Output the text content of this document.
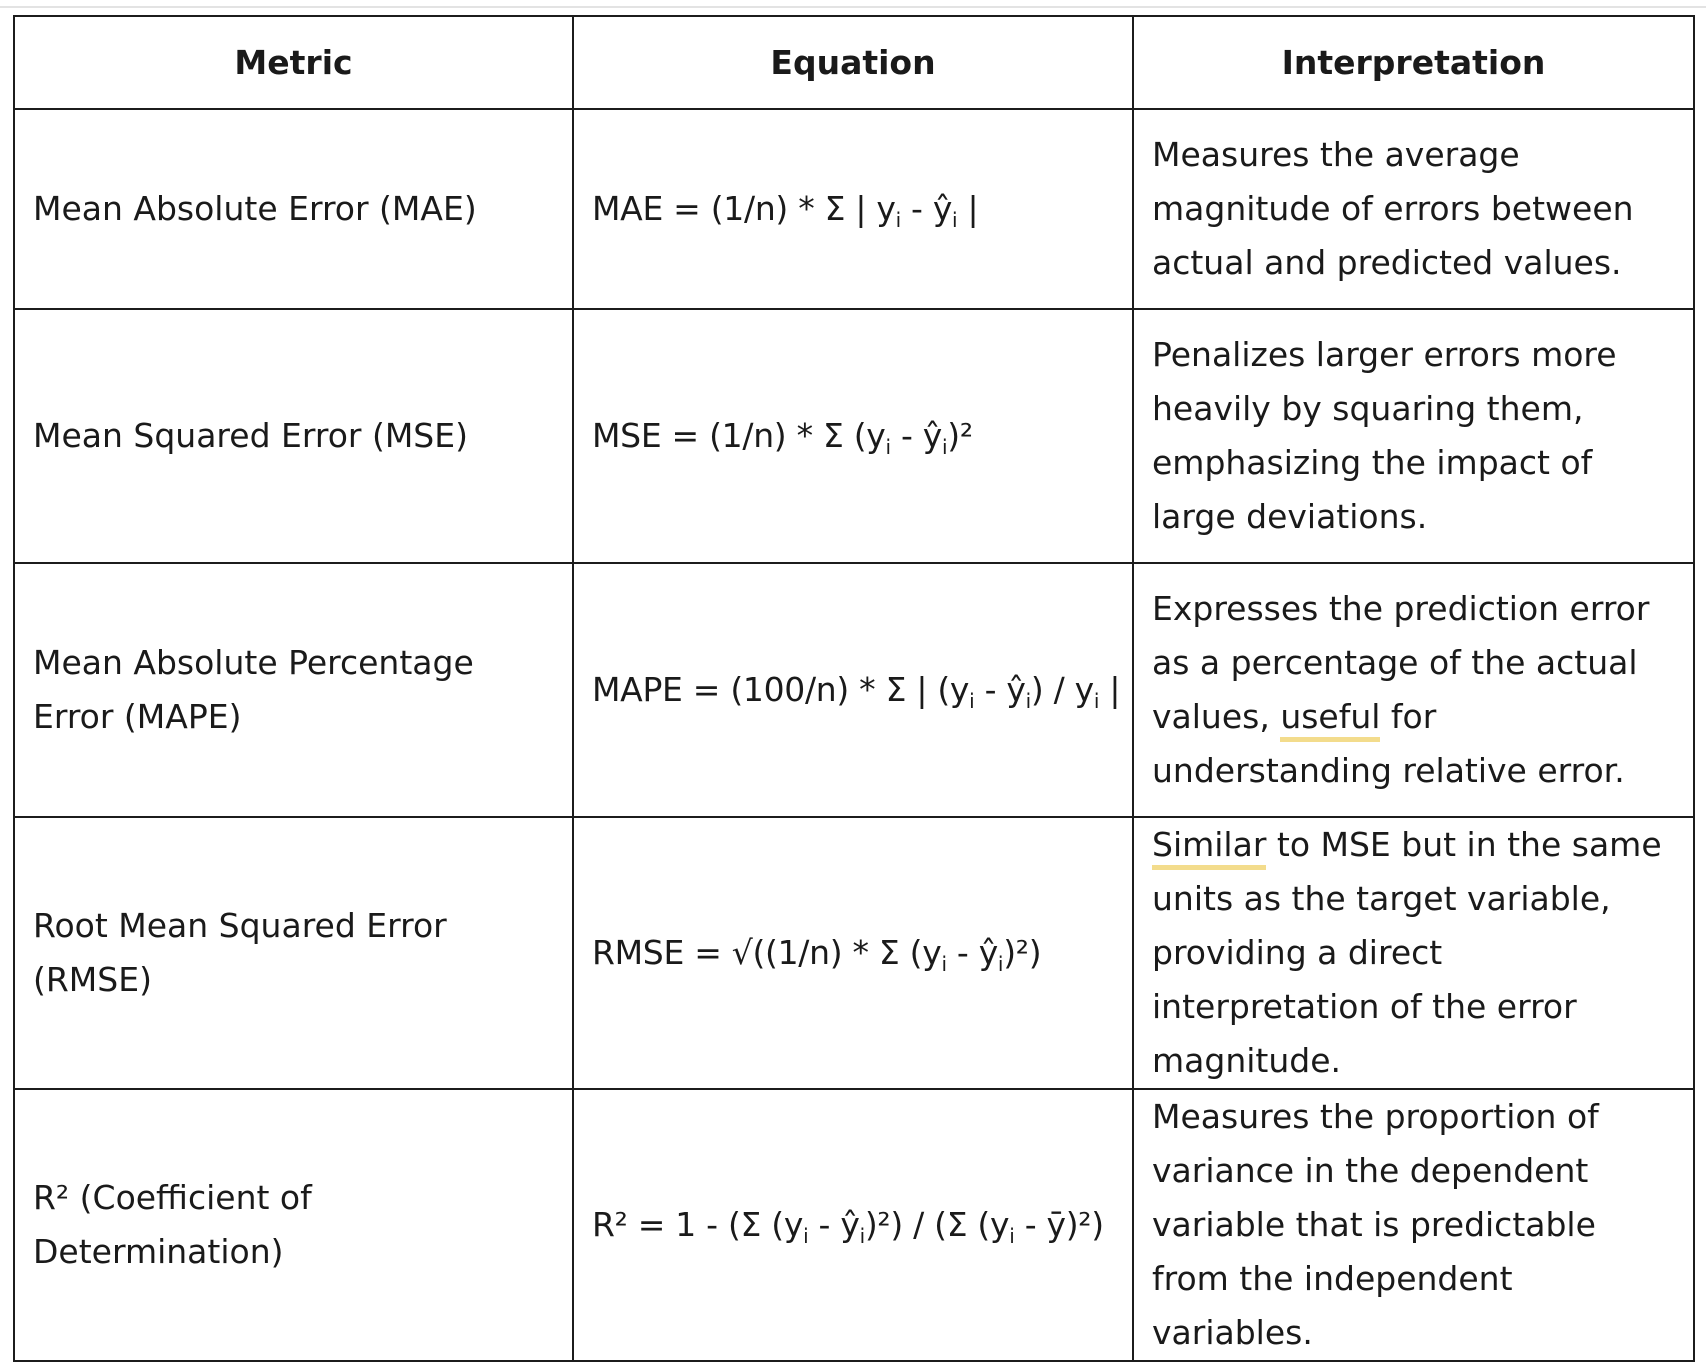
Metric	Equation	Interpretation
Mean Absolute Error (MAE)	MAE = (1/n) * Σ | $y_i$ - $ŷ_i$ |	Measures the average magnitude of errors between actual and predicted values.
Mean Squared Error (MSE)	MSE = (1/n) * Σ ($y_i$ - $ŷ_i)^2$	Penalizes larger errors more heavily by squaring them, emphasizing the impact of large deviations.
Mean Absolute Percentage Error (MAPE)	MAPE = (100/n) * Σ | ($y_i$ - $ŷ_i) / y_i$ |	Expresses the prediction error as a percentage of the actual values, useful for understanding relative error.
Root Mean Squared Error (RMSE)	RMSE = √((1/n) * Σ ($y_i$ - $ŷ_i)^2$)	Similar to MSE but in the same units as the target variable, providing a direct interpretation of the error magnitude.
R² (Coefficient of Determination)	R² = 1 - (Σ ($y_i$ - $ŷ_i)^2) / (\Sigma$ ($y_i$ - ȳ)²)	Measures the proportion of variance in the dependent variable that is predictable from the independent variables.
